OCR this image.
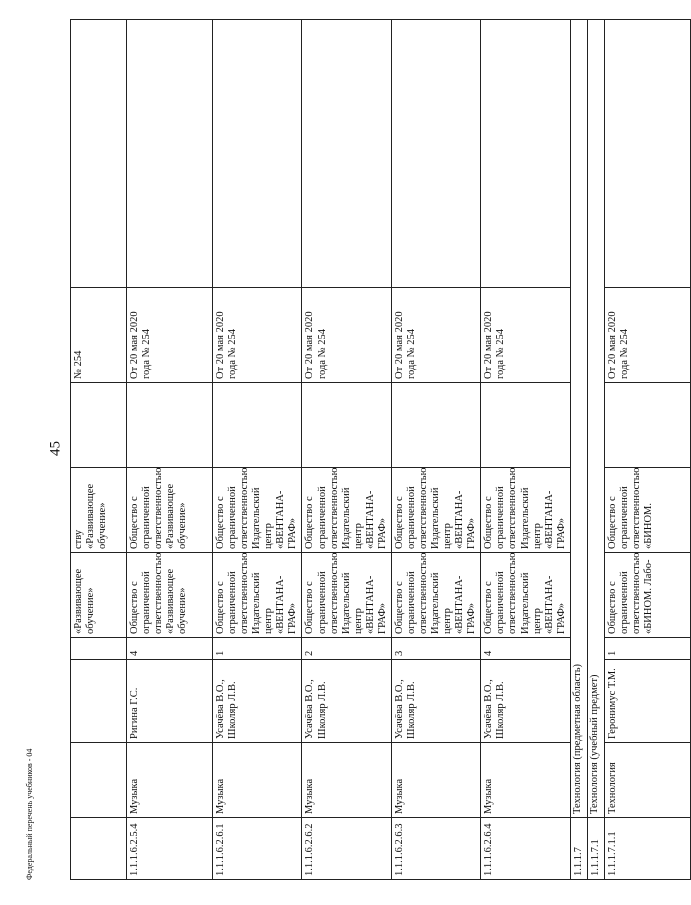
45
Федеральный перечень учебников - 04
				«Развивающее обучение»	ству «Развивающее обучение»		№ 254	
1.1.1.6.2.5.4	Музыка	Ригина Г.С.	4	Общество с ограниченной ответственностью «Развивающее обучение»	Общество с ограниченной ответственностью «Развивающее обучение»		От 20 мая 2020 года № 254	
1.1.1.6.2.6.1	Музыка	Усачёва В.О., Школяр Л.В.	1	Общество с ограниченной ответственностью Издательский центр «ВЕНТАНА-ГРАФ»	Общество с ограниченной ответственностью Издательский центр «ВЕНТАНА-ГРАФ»		От 20 мая 2020 года № 254	
1.1.1.6.2.6.2	Музыка	Усачёва В.О., Школяр Л.В.	2	Общество с ограниченной ответственностью Издательский центр «ВЕНТАНА-ГРАФ»	Общество с ограниченной ответственностью Издательский центр «ВЕНТАНА-ГРАФ»		От 20 мая 2020 года № 254	
1.1.1.6.2.6.3	Музыка	Усачёва В.О., Школяр Л.В.	3	Общество с ограниченной ответственностью Издательский центр «ВЕНТАНА-ГРАФ»	Общество с ограниченной ответственностью Издательский центр «ВЕНТАНА-ГРАФ»		От 20 мая 2020 года № 254	
1.1.1.6.2.6.4	Музыка	Усачёва В.О., Школяр Л.В.	4	Общество с ограниченной ответственностью Издательский центр «ВЕНТАНА-ГРАФ»	Общество с ограниченной ответственностью Издательский центр «ВЕНТАНА-ГРАФ»		От 20 мая 2020 года № 254	
1.1.1.7	Технология (предметная область)							
1.1.1.7.1	Технология (учебный предмет)							
1.1.1.7.1.1	Технология	Геронимус Т.М.	1	Общество с ограниченной ответственностью «БИНОМ. Лабо-	Общество с ограниченной ответственностью «БИНОМ.		От 20 мая 2020 года № 254	
